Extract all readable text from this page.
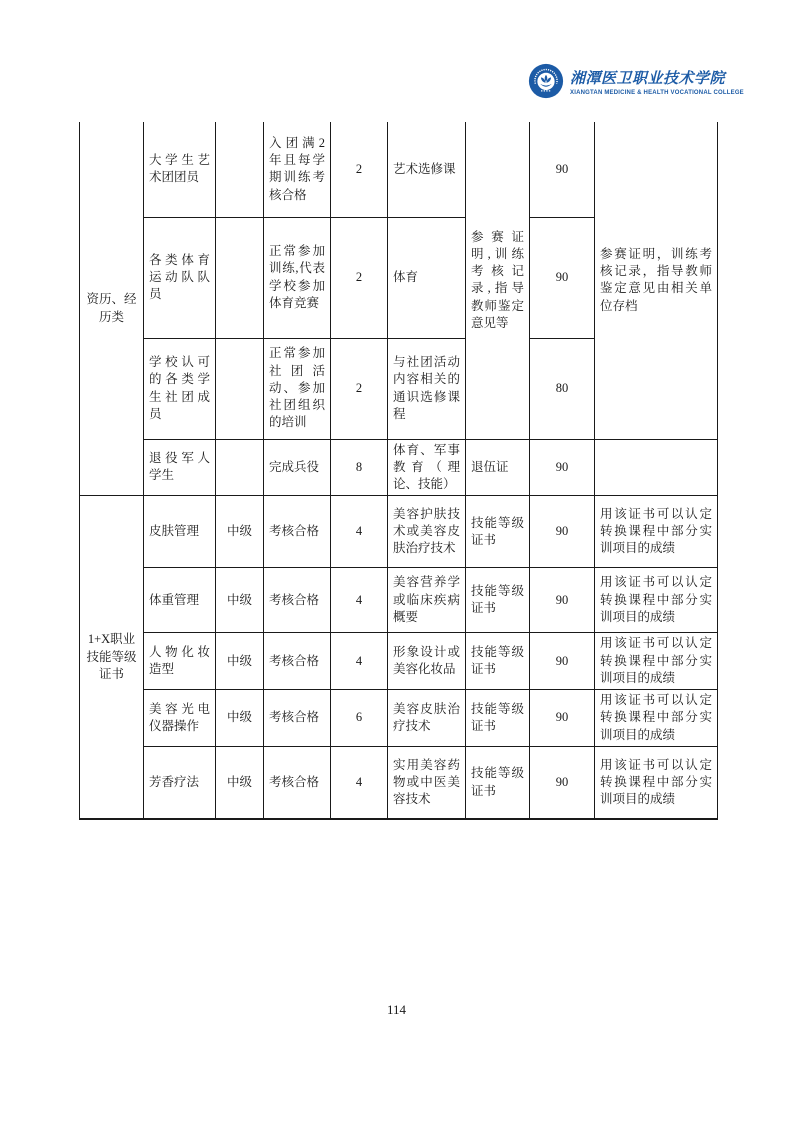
湘潭医卫职业技术学院
XIANGTAN MEDICINE & HEALTH VOCATIONAL COLLEGE
资历、经历类	大学生艺术团团员		入团满2年且每学期训练考核合格	2	艺术选修课	参赛证明,训练考核记录,指导教师鉴定意见等	90	参赛证明，训练考核记录，指导教师鉴定意见由相关单位存档
	各类体育运动队队员		正常参加训练,代表学校参加体育竞赛	2	体育		90	
	学校认可的各类学生社团成员		正常参加社团活动、参加社团组织的培训	2	与社团活动内容相关的通识选修课程		80	
	退役军人学生		完成兵役	8	体育、军事教育（理论、技能）	退伍证	90	
1+X职业技能等级证书	皮肤管理	中级	考核合格	4	美容护肤技术或美容皮肤治疗技术	技能等级证书	90	用该证书可以认定转换课程中部分实训项目的成绩
	体重管理	中级	考核合格	4	美容营养学或临床疾病概要	技能等级证书	90	用该证书可以认定转换课程中部分实训项目的成绩
	人物化妆造型	中级	考核合格	4	形象设计或美容化妆品	技能等级证书	90	用该证书可以认定转换课程中部分实训项目的成绩
	美容光电仪器操作	中级	考核合格	6	美容皮肤治疗技术	技能等级证书	90	用该证书可以认定转换课程中部分实训项目的成绩
	芳香疗法	中级	考核合格	4	实用美容药物或中医美容技术	技能等级证书	90	用该证书可以认定转换课程中部分实训项目的成绩
114
